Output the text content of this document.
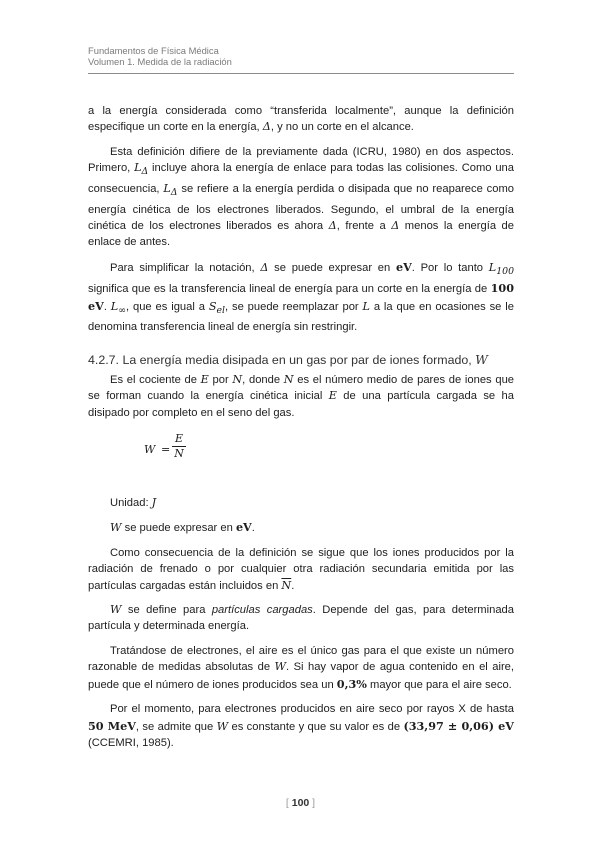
Fundamentos de Física Médica
Volumen 1. Medida de la radiación

a la energía considerada como “transferida localmente”, aunque la definición especifique un corte en la energía, Δ, y no un corte en el alcance.

Esta definición difiere de la previamente dada (ICRU, 1980) en dos aspectos. Primero, $L_\Delta$ incluye ahora la energía de enlace para todas las colisiones. Como una consecuencia, $L_\Delta$ se refiere a la energía perdida o disipada que no reaparece como energía cinética de los electrones liberados. Segundo, el umbral de la energía cinética de los electrones liberados es ahora Δ, frente a Δ menos la energía de enlace de antes.

Para simplificar la notación, Δ se puede expresar en eV. Por lo tanto $L_{100}$ significa que es la transferencia lineal de energía para un corte en la energía de 100 eV. $L_\infty$, que es igual a $S_{el}$, se puede reemplazar por L a la que en ocasiones se le denomina transferencia lineal de energía sin restringir.

4.2.7. La energía media disipada en un gas por par de iones formado, W

Es el cociente de E por N, donde N es el número medio de pares de iones que se forman cuando la energía cinética inicial E de una partícula cargada se ha disipado por completo en el seno del gas.

W =
E
N

Unidad: J

W se puede expresar en eV.

Como consecuencia de la definición se sigue que los iones producidos por la radiación de frenado o por cualquier otra radiación secundaria emitida por las partículas cargadas están incluidos en $\overline{N}$.

W se define para partículas cargadas. Depende del gas, para determinada partícula y determinada energía.

Tratándose de electrones, el aire es el único gas para el que existe un número razonable de medidas absolutas de W. Si hay vapor de agua contenido en el aire, puede que el número de iones producidos sea un 0,3% mayor que para el aire seco.

Por el momento, para electrones producidos en aire seco por rayos X de hasta 50 MeV, se admite que W es constante y que su valor es de (33,97 ± 0,06) eV (CCEMRI, 1985).

[ 100 ]
